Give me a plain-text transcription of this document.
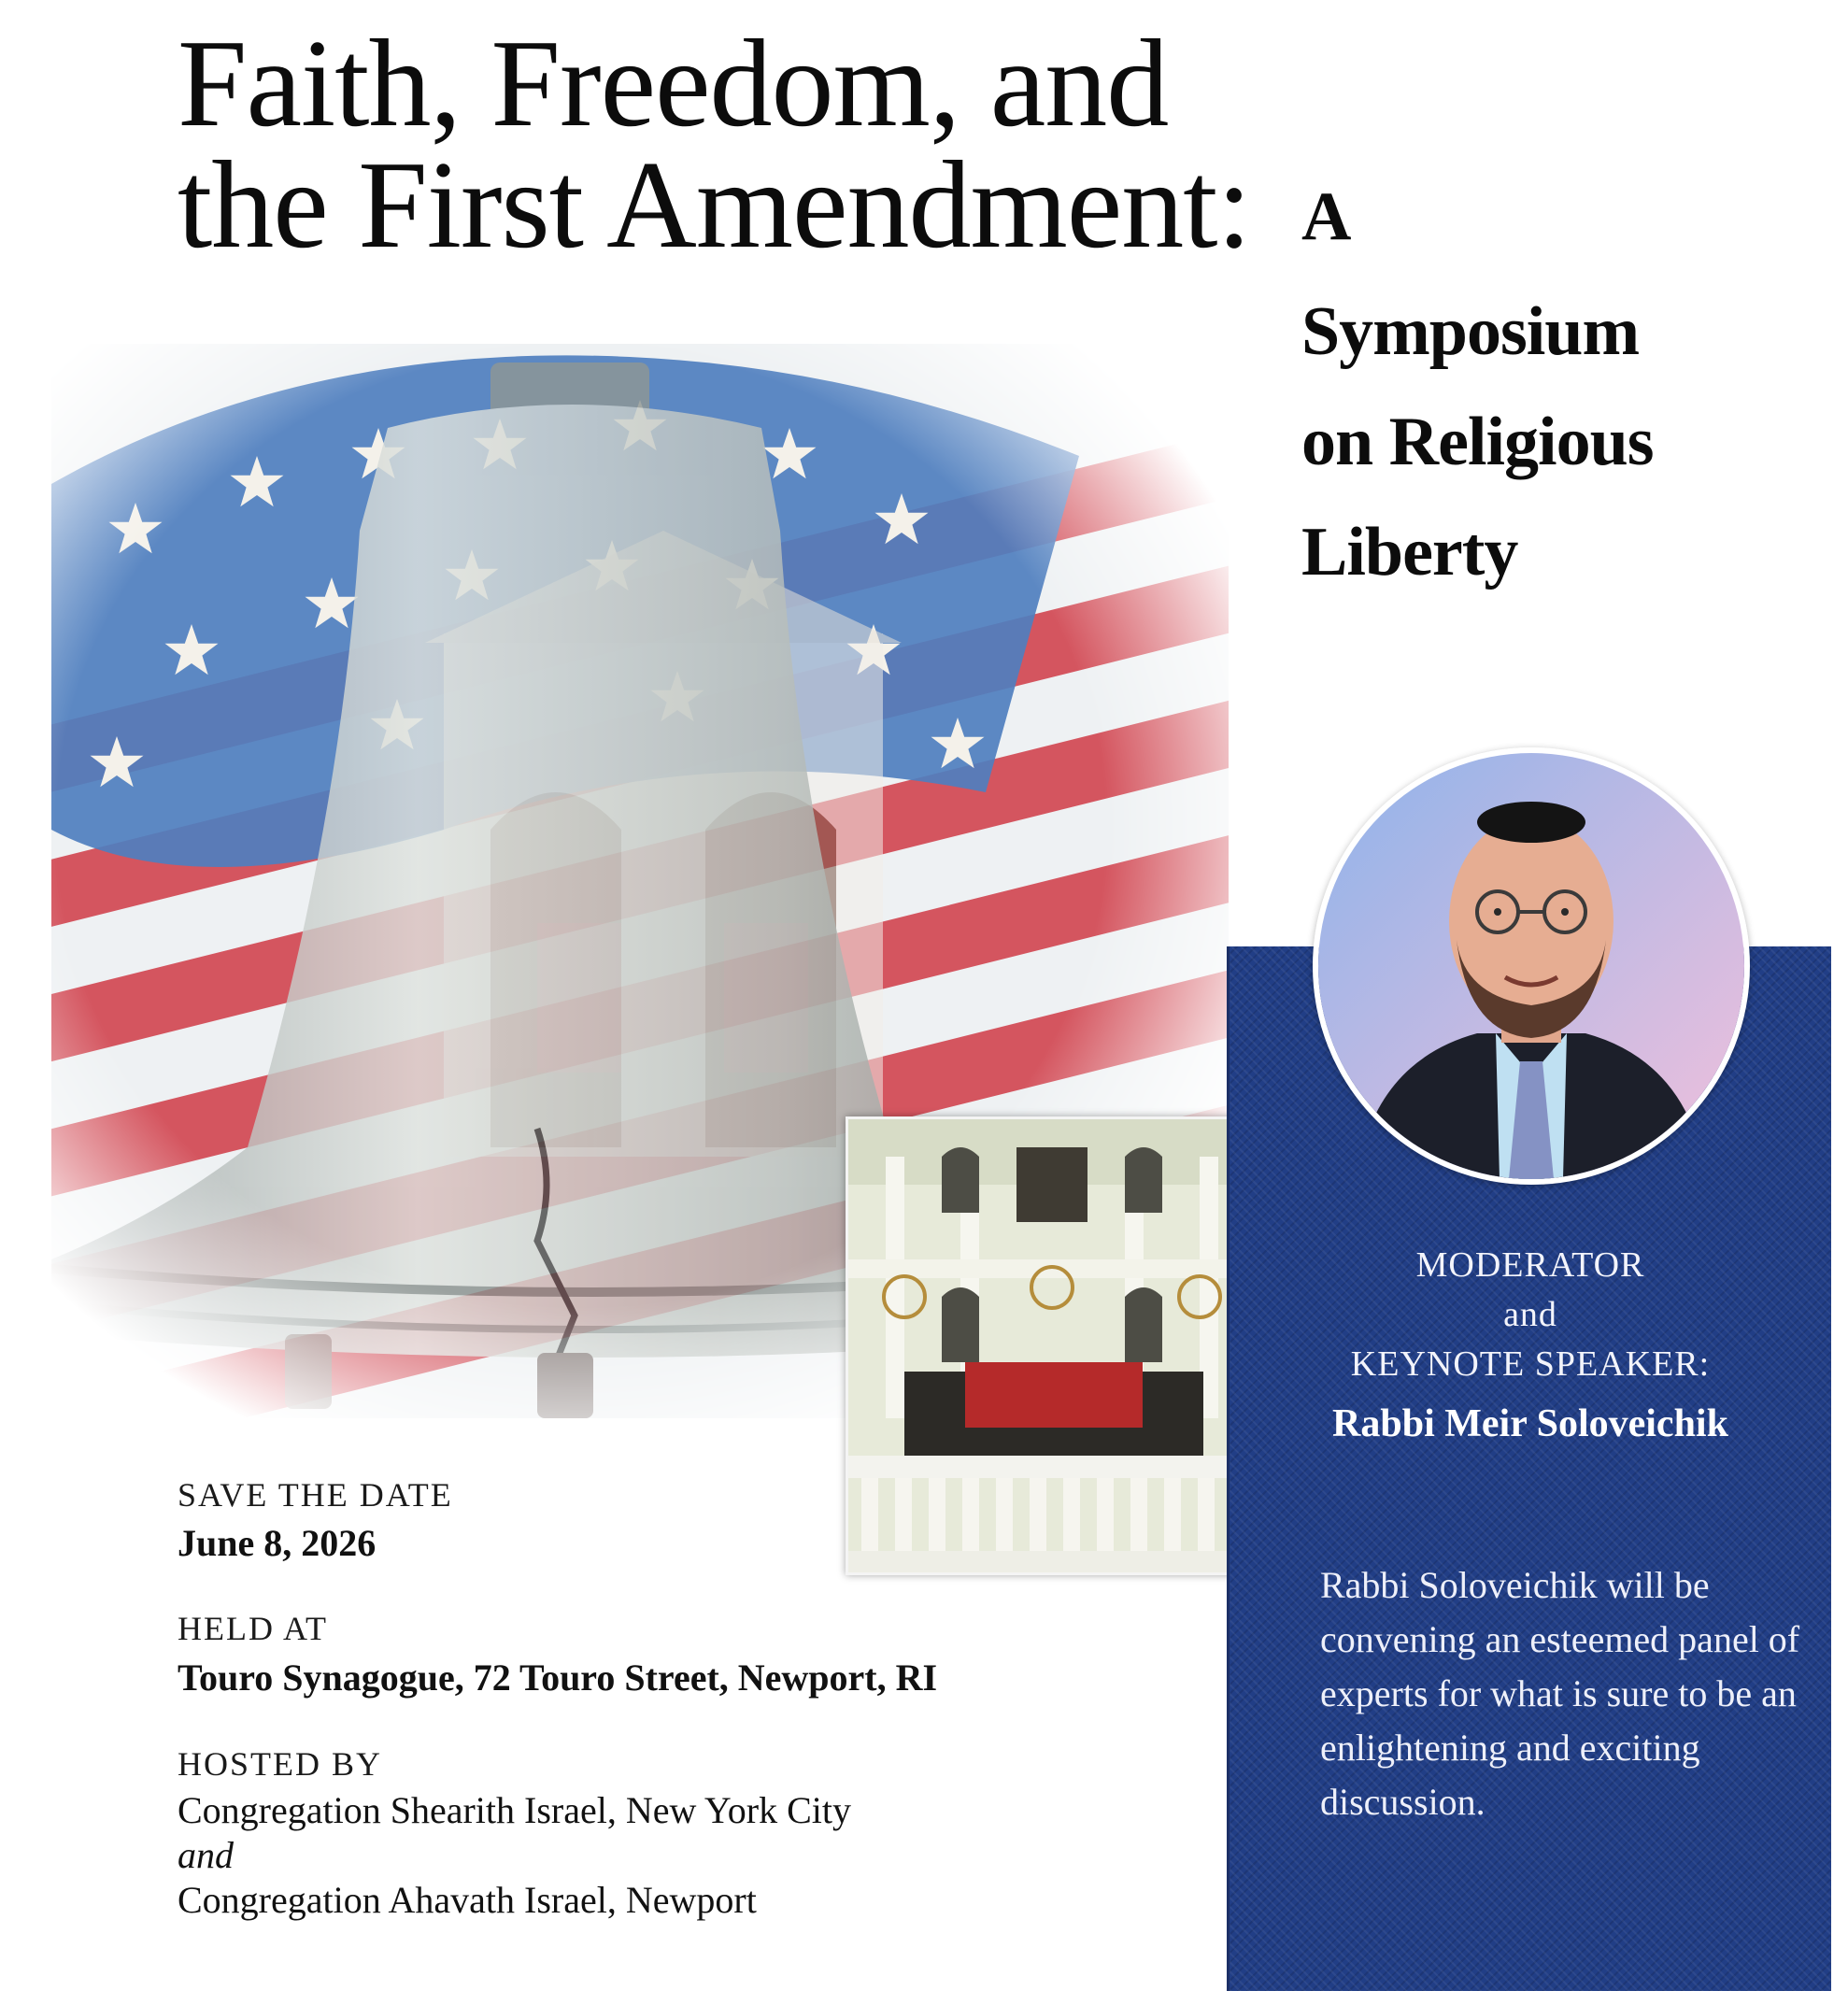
Faith, Freedom, and
the First Amendment: A
Symposium
on Religious
Liberty
MODERATOR
and
KEYNOTE SPEAKER:
Rabbi Meir Soloveichik
Rabbi Soloveichik will be convening an esteemed panel of experts for what is sure to be an enlightening and exciting discussion.
SAVE THE DATE
June 8, 2026
HELD AT
Touro Synagogue, 72 Touro Street, Newport, RI
HOSTED BY
Congregation Shearith Israel, New York City
and
Congregation Ahavath Israel, Newport
